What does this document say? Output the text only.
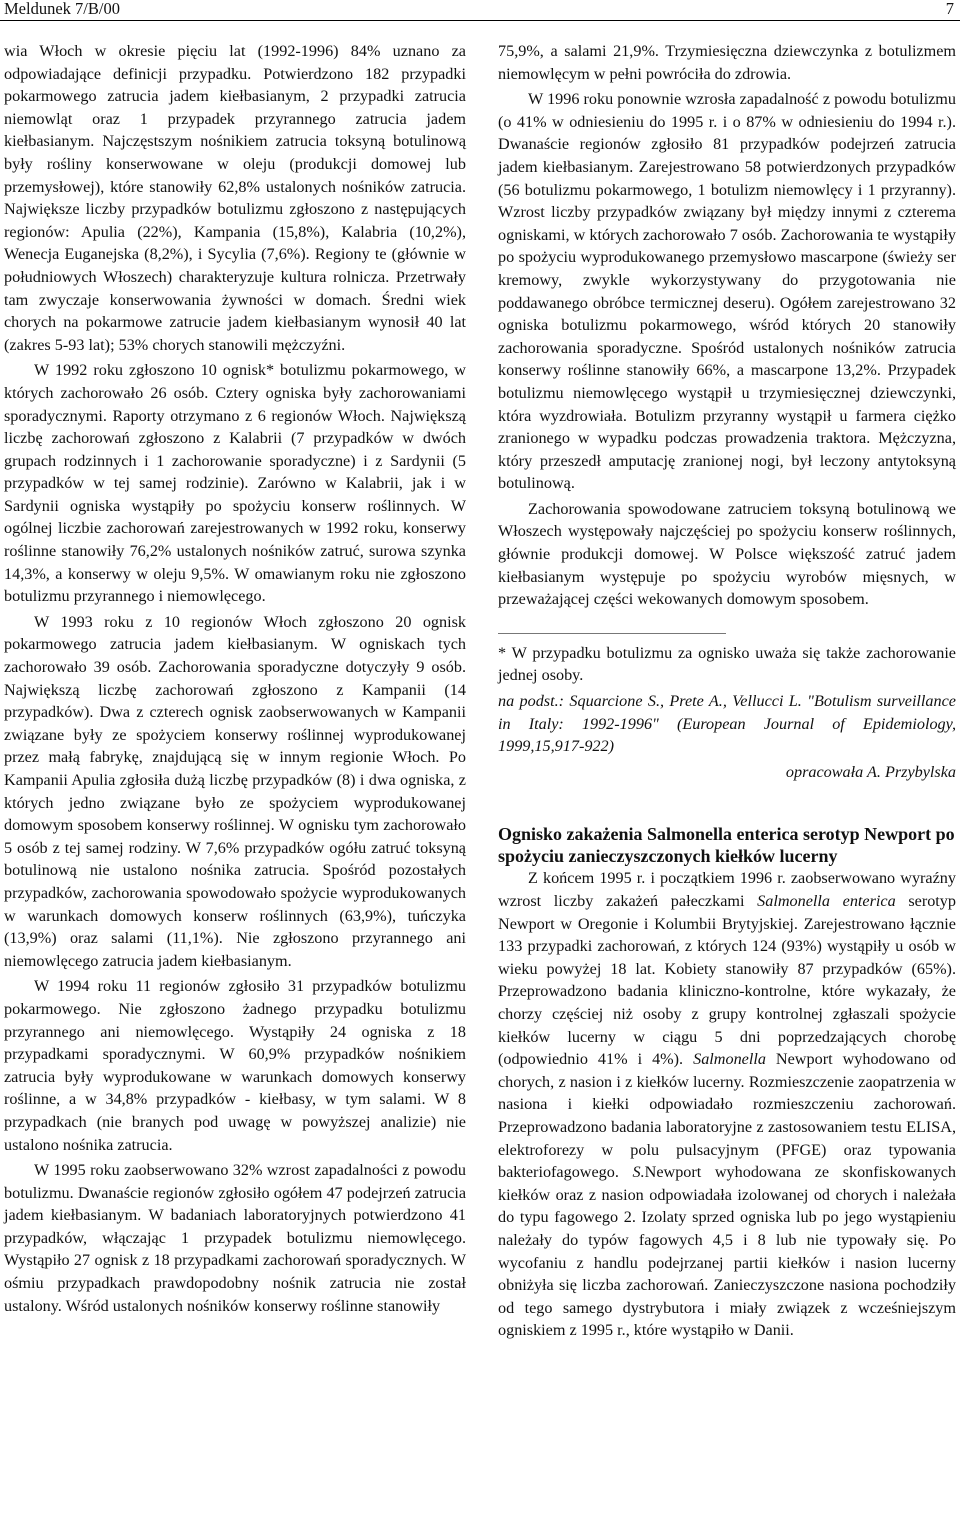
Meldunek 7/B/00	7

wia Włoch w okresie pięciu lat (1992-1996) 84% uznano za odpowiadające definicji przypadku. Potwierdzono 182 przypadki pokarmowego zatrucia jadem kiełbasianym, 2 przypadki zatrucia niemowląt oraz 1 przypadek przyrannego zatrucia jadem kiełbasianym. Najczęstszym nośnikiem zatrucia toksyną botulinową były rośliny konserwowane w oleju (produkcji domowej lub przemysłowej), które stanowiły 62,8% ustalonych nośników zatrucia. Największe liczby przypadków botulizmu zgłoszono z następujących regionów: Apulia (22%), Kampania (15,8%), Kalabria (10,2%), Wenecja Euganejska (8,2%), i Sycylia (7,6%). Regiony te (głównie w południowych Włoszech) charakteryzuje kultura rolnicza. Przetrwały tam zwyczaje konserwowania żywności w domach. Średni wiek chorych na pokarmowe zatrucie jadem kiełbasianym wynosił 40 lat (zakres 5-93 lat); 53% chorych stanowili mężczyźni.

W 1992 roku zgłoszono 10 ognisk* botulizmu pokarmowego, w których zachorowało 26 osób. Cztery ogniska były zachorowaniami sporadycznymi. Raporty otrzymano z 6 regionów Włoch. Największą liczbę zachorowań zgłoszono z Kalabrii (7 przypadków w dwóch grupach rodzinnych i 1 zachorowanie sporadyczne) i z Sardynii (5 przypadków w tej samej rodzinie). Zarówno w Kalabrii, jak i w Sardynii ogniska wystąpiły po spożyciu konserw roślinnych. W ogólnej liczbie zachorowań zarejestrowanych w 1992 roku, konserwy roślinne stanowiły 76,2% ustalonych nośników zatruć, surowa szynka 14,3%, a konserwy w oleju 9,5%. W omawianym roku nie zgłoszono botulizmu przyrannego i niemowlęcego.

W 1993 roku z 10 regionów Włoch zgłoszono 20 ognisk pokarmowego zatrucia jadem kiełbasianym. W ogniskach tych zachorowało 39 osób. Zachorowania sporadyczne dotyczyły 9 osób. Największą liczbę zachorowań zgłoszono z Kampanii (14 przypadków). Dwa z czterech ognisk zaobserwowanych w Kampanii związane były ze spożyciem konserwy roślinnej wyprodukowanej przez małą fabrykę, znajdującą się w innym regionie Włoch. Po Kampanii Apulia zgłosiła dużą liczbę przypadków (8) i dwa ogniska, z których jedno związane było ze spożyciem wyprodukowanej domowym sposobem konserwy roślinnej. W ognisku tym zachorowało 5 osób z tej samej rodziny. W 7,6% przypadków ogółu zatruć toksyną botulinową nie ustalono nośnika zatrucia. Spośród pozostałych przypadków, zachorowania spowodowało spożycie wyprodukowanych w warunkach domowych konserw roślinnych (63,9%), tuńczyka (13,9%) oraz salami (11,1%). Nie zgłoszono przyrannego ani niemowlęcego zatrucia jadem kiełbasianym.

W 1994 roku 11 regionów zgłosiło 31 przypadków botulizmu pokarmowego. Nie zgłoszono żadnego przypadku botulizmu przyrannego ani niemowlęcego. Wystąpiły 24 ogniska z 18 przypadkami sporadycznymi. W 60,9% przypadków nośnikiem zatrucia były wyprodukowane w warunkach domowych konserwy roślinne, a w 34,8% przypadków - kiełbasy, w tym salami. W 8 przypadkach (nie branych pod uwagę w powyższej analizie) nie ustalono nośnika zatrucia.

W 1995 roku zaobserwowano 32% wzrost zapadalności z powodu botulizmu. Dwanaście regionów zgłosiło ogółem 47 podejrzeń zatrucia jadem kiełbasianym. W badaniach laboratoryjnych potwierdzono 41 przypadków, włączając 1 przypadek botulizmu niemowlęcego. Wystąpiło 27 ognisk z 18 przypadkami zachorowań sporadycznych. W ośmiu przypadkach prawdopodobny nośnik zatrucia nie został ustalony. Wśród ustalonych nośników konserwy roślinne stanowiły

75,9%, a salami 21,9%. Trzymiesięczna dziewczynka z botulizmem niemowlęcym w pełni powróciła do zdrowia.

W 1996 roku ponownie wzrosła zapadalność z powodu botulizmu (o 41% w odniesieniu do 1995 r. i o 87% w odniesieniu do 1994 r.). Dwanaście regionów zgłosiło 81 przypadków podejrzeń zatrucia jadem kiełbasianym. Zarejestrowano 58 potwierdzonych przypadków (56 botulizmu pokarmowego, 1 botulizm niemowlęcy i 1 przyranny). Wzrost liczby przypadków związany był między innymi z czterema ogniskami, w których zachorowało 7 osób. Zachorowania te wystąpiły po spożyciu wyprodukowanego przemysłowo mascarpone (świeży ser kremowy, zwykle wykorzystywany do przygotowania nie poddawanego obróbce termicznej deseru). Ogółem zarejestrowano 32 ogniska botulizmu pokarmowego, wśród których 20 stanowiły zachorowania sporadyczne. Spośród ustalonych nośników zatrucia konserwy roślinne stanowiły 66%, a mascarpone 13,2%. Przypadek botulizmu niemowlęcego wystąpił u trzymiesięcznej dziewczynki, która wyzdrowiała. Botulizm przyranny wystąpił u farmera ciężko zranionego w wypadku podczas prowadzenia traktora. Mężczyzna, który przeszedł amputację zranionej nogi, był leczony antytoksyną botulinową.

Zachorowania spowodowane zatruciem toksyną botulinową we Włoszech występowały najczęściej po spożyciu konserw roślinnych, głównie produkcji domowej. W Polsce większość zatruć jadem kiełbasianym występuje po spożyciu wyrobów mięsnych, w przeważającej części wekowanych domowym sposobem.

* W przypadku botulizmu za ognisko uważa się także zachorowanie jednej osoby.

na podst.: Squarcione S., Prete A., Vellucci L. "Botulism surveillance in Italy: 1992-1996" (European Journal of Epidemiology, 1999,15,917-922)

opracowała A. Przybylska

Ognisko zakażenia Salmonella enterica serotyp Newport po spożyciu zanieczyszczonych kiełków lucerny

Z końcem 1995 r. i początkiem 1996 r. zaobserwowano wyraźny wzrost liczby zakażeń pałeczkami Salmonella enterica serotyp Newport w Oregonie i Kolumbii Brytyjskiej. Zarejestrowano łącznie 133 przypadki zachorowań, z których 124 (93%) wystąpiły u osób w wieku powyżej 18 lat. Kobiety stanowiły 87 przypadków (65%). Przeprowadzono badania kliniczno-kontrolne, które wykazały, że chorzy częściej niż osoby z grupy kontrolnej zgłaszali spożycie kiełków lucerny w ciągu 5 dni poprzedzających chorobę (odpowiednio 41% i 4%). Salmonella Newport wyhodowano od chorych, z nasion i z kiełków lucerny. Rozmieszczenie zaopatrzenia w nasiona i kiełki odpowiadało rozmieszczeniu zachorowań. Przeprowadzono badania laboratoryjne z zastosowaniem testu ELISA, elektroforezy w polu pulsacyjnym (PFGE) oraz typowania bakteriofagowego. S.Newport wyhodowana ze skonfiskowanych kiełków oraz z nasion odpowiadała izolowanej od chorych i należała do typu fagowego 2. Izolaty sprzed ogniska lub po jego wystąpieniu należały do typów fagowych 4,5 i 8 lub nie typowały się. Po wycofaniu z handlu podejrzanej partii kiełków i nasion lucerny obniżyła się liczba zachorowań. Zanieczyszczone nasiona pochodziły od tego samego dystrybutora i miały związek z wcześniejszym ogniskiem z 1995 r., które wystąpiło w Danii.
